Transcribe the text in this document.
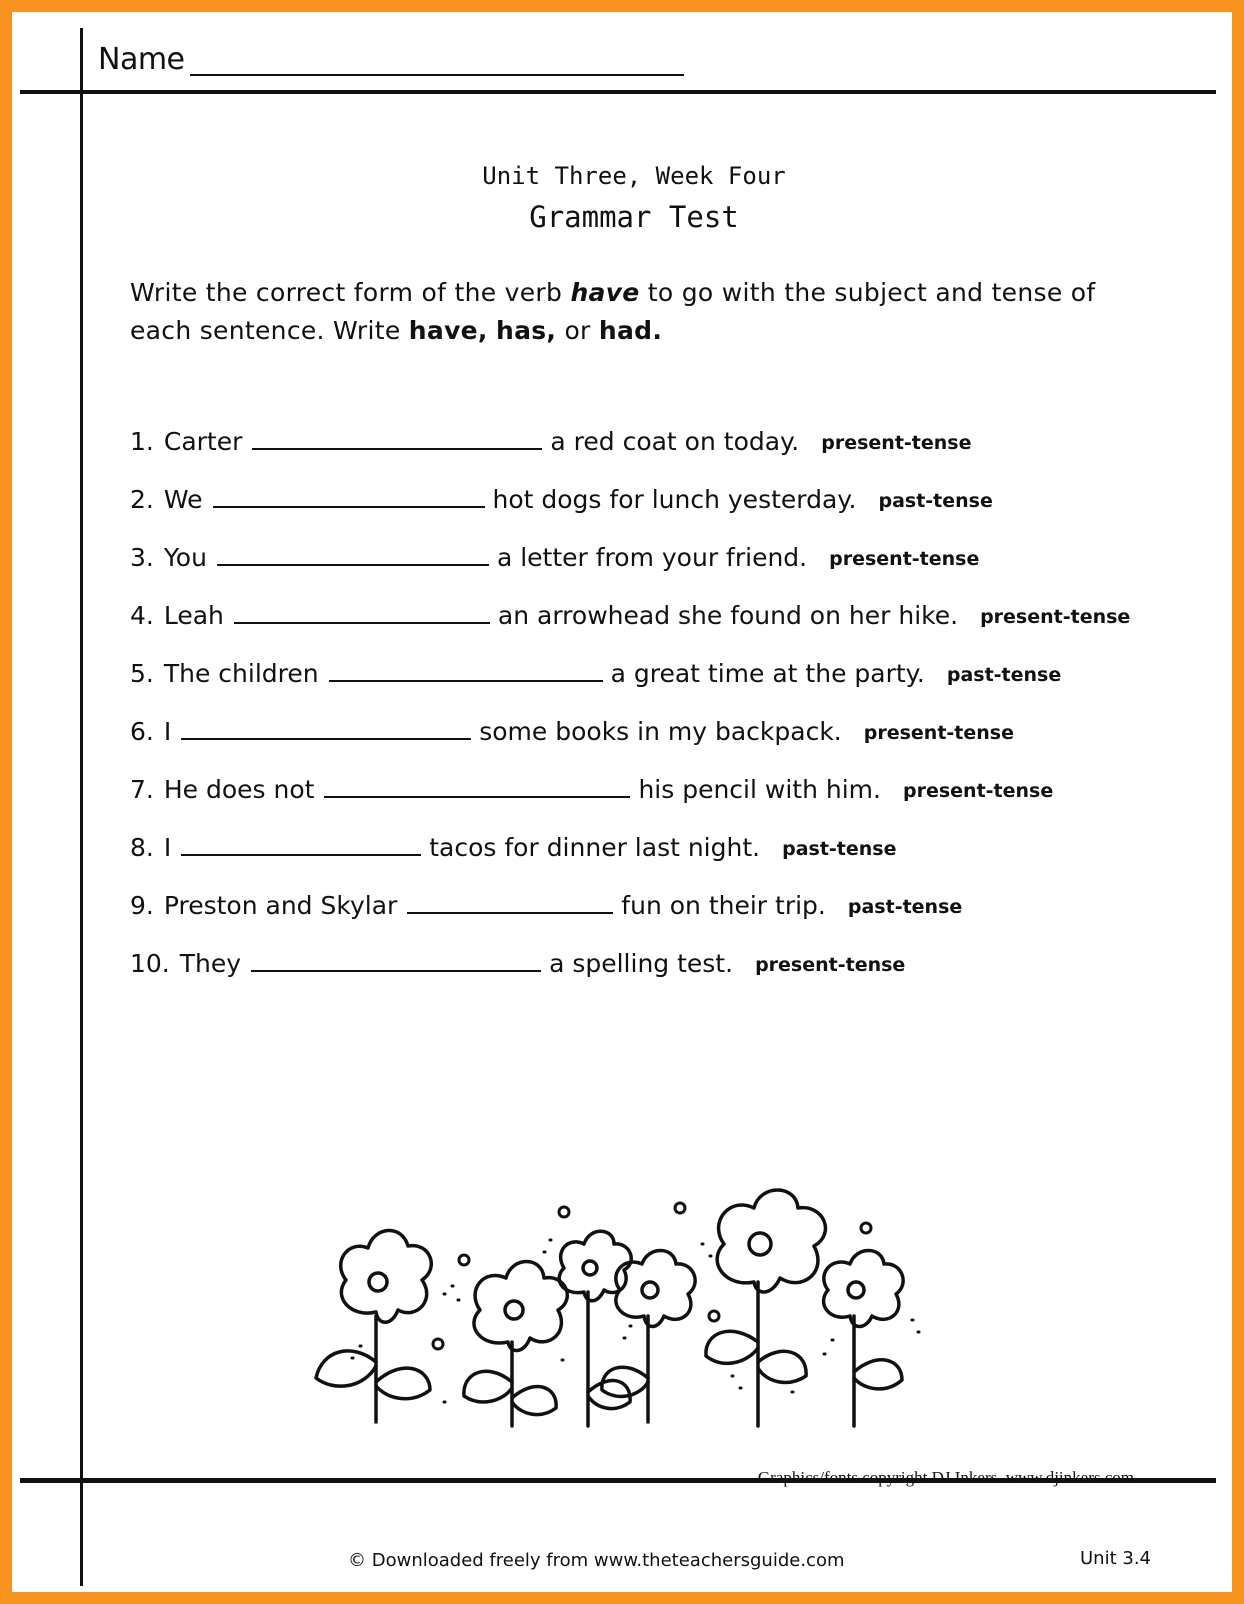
Name
Unit Three, Week Four
Grammar Test
Write the correct form of the verb have to go with the subject and tense of each sentence. Write have, has, or had.
1. Carter	a red coat on today. present-tense
2. We	hot dogs for lunch yesterday. past-tense
3. You	a letter from your friend. present-tense
4. Leah	an arrowhead she found on her hike. present-tense
5. The children	a great time at the party. past-tense
6. I	some books in my backpack. present-tense
7. He does not	his pencil with him. present-tense
8. I	tacos for dinner last night. past-tense
9. Preston and Skylar	fun on their trip. past-tense
10. They	a spelling test. present-tense
Graphics/fonts copyright DJ Inkers. www.djinkers.com
© Downloaded freely from www.theteachersguide.com	Unit 3.4
